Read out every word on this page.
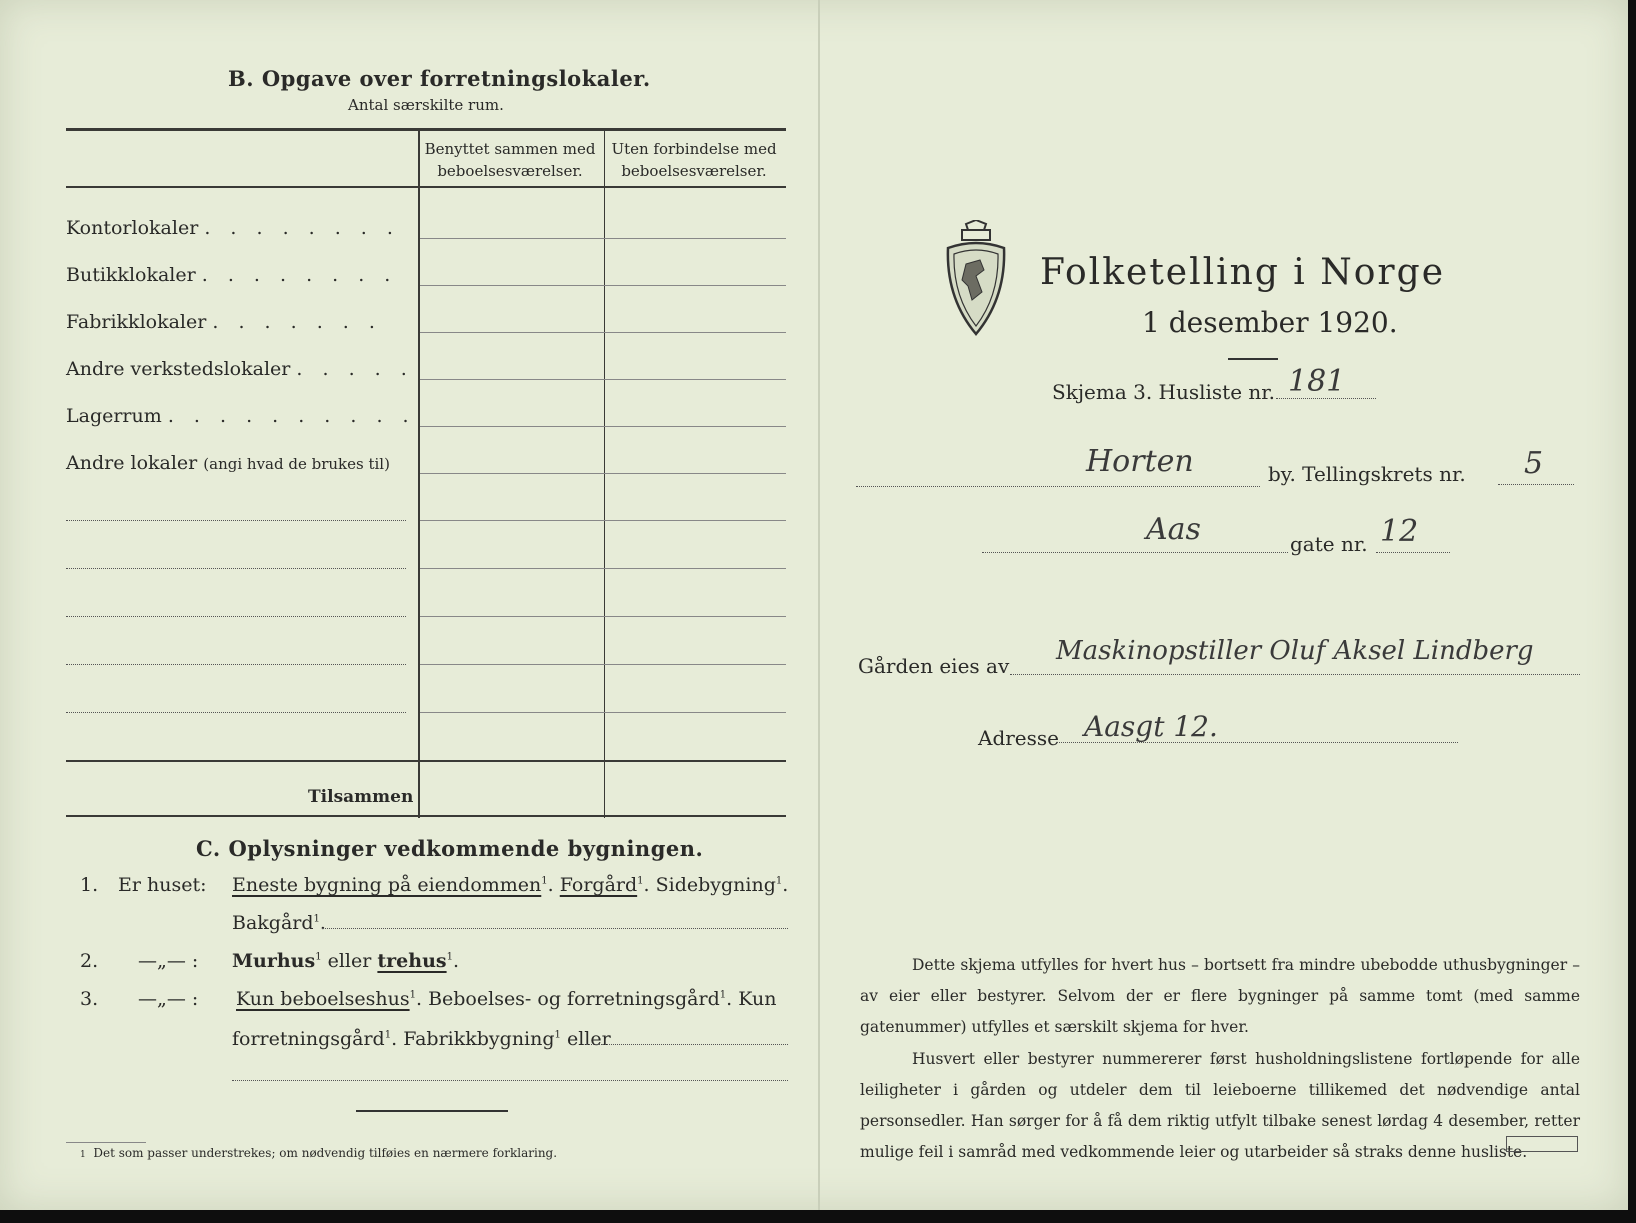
B. Opgave over forretningslokaler.
Antal særskilte rum.
Benyttet sammen med beboelsesværelser.
Uten forbindelse med beboelsesværelser.
Kontorlokaler . . . . . . . .
Butikklokaler . . . . . . . .
Fabrikklokaler . . . . . . .
Andre verkstedslokaler . . . . .
Lagerrum . . . . . . . . . .
Andre lokaler (angi hvad de brukes til)
Tilsammen
C. Oplysninger vedkommende bygningen.
1. Er huset: Eneste bygning på eiendommen$^1$. Forgård$^1$. Sidebygning$^1$.
Bakgård$^1$.
2. —„— : Murhus$^1$ eller trehus$^1$.
3. —„— : Kun beboelseshus$^1$. Beboelses- og forretningsgård$^1$. Kun
forretningsgård$^1$. Fabrikkbygning$^1$ eller
1 Det som passer understrekes; om nødvendig tilføies en nærmere forklaring.
Folketelling i Norge
1 desember 1920.
Skjema 3. Husliste nr. 181
Horten	by. Tellingskrets nr. 5
Aas	gate nr. 12
Gården eies av Maskinopstiller Oluf Aksel Lindberg
Adresse Aasgt 12.
Dette skjema utfylles for hvert hus – bortsett fra mindre ubebodde uthusbygninger – av eier eller bestyrer. Selvom der er flere bygninger på samme tomt (med samme gatenummer) utfylles et særskilt skjema for hver.
Husvert eller bestyrer nummererer først husholdningslistene fortløpende for alle leiligheter i gården og utdeler dem til leieboerne tillikemed det nødvendige antal personsedler. Han sørger for å få dem riktig utfylt tilbake senest lørdag 4 desember, retter mulige feil i samråd med vedkommende leier og utarbeider så straks denne husliste.
